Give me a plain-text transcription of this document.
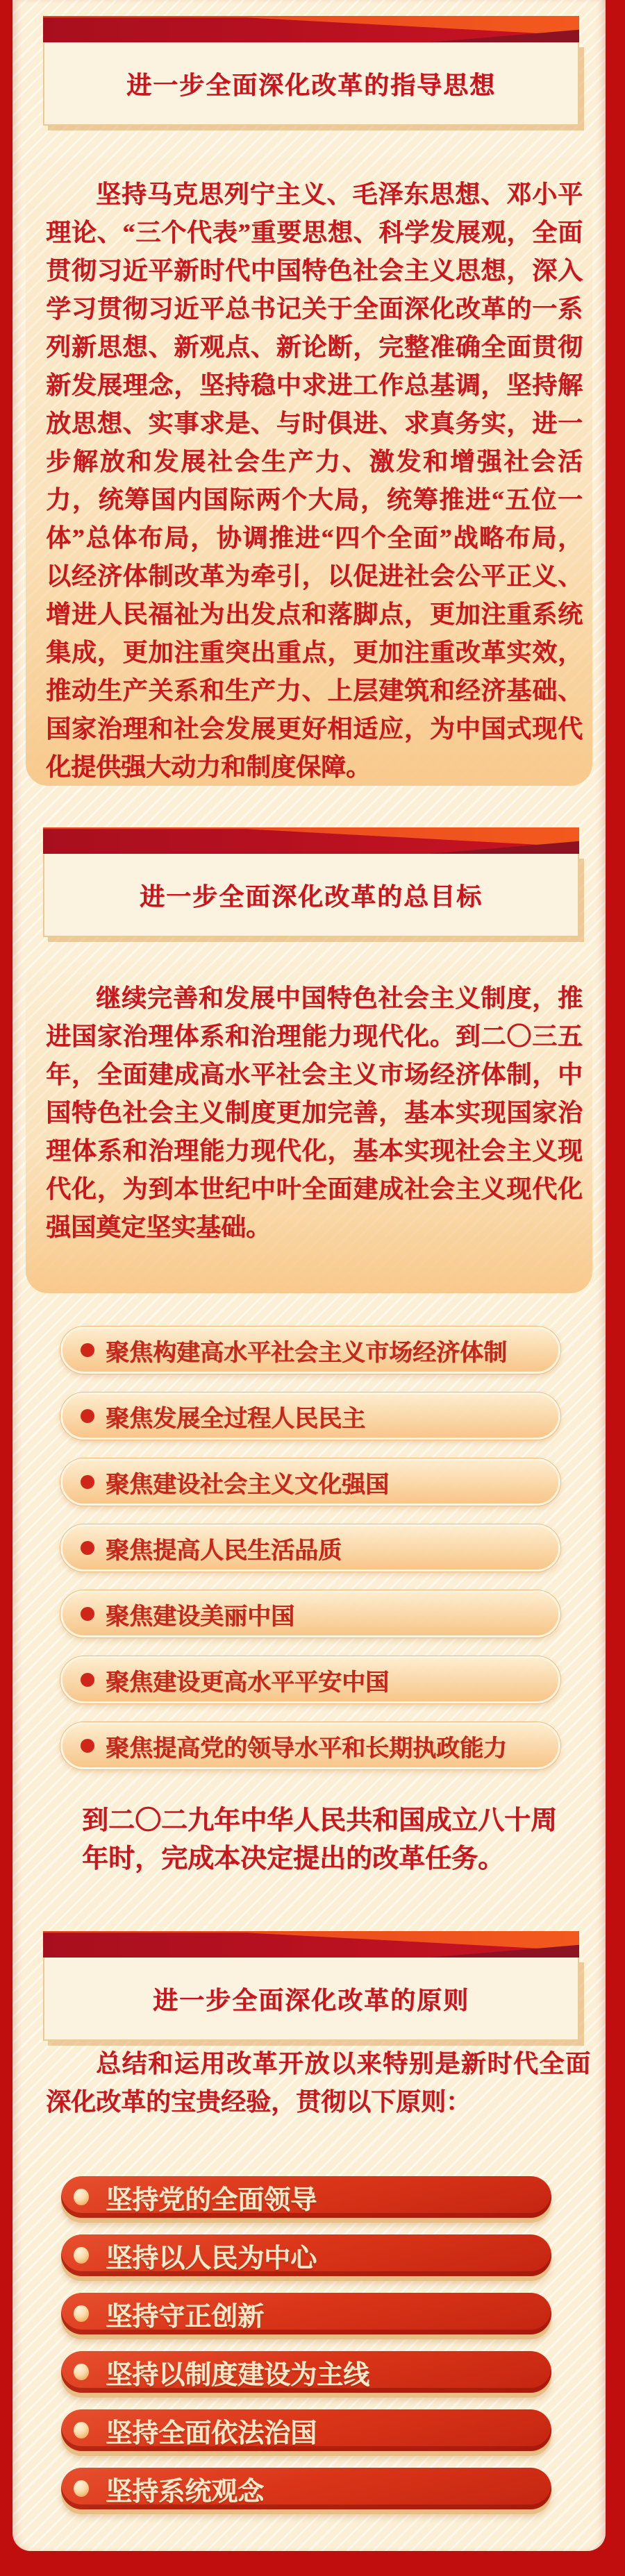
进一步全面深化改革的指导思想

坚持马克思列宁主义、毛泽东思想、邓小平理论、“三个代表”重要思想、科学发展观，全面贯彻习近平新时代中国特色社会主义思想，深入学习贯彻习近平总书记关于全面深化改革的一系列新思想、新观点、新论断，完整准确全面贯彻新发展理念，坚持稳中求进工作总基调，坚持解放思想、实事求是、与时俱进、求真务实，进一步解放和发展社会生产力、激发和增强社会活力，统筹国内国际两个大局，统筹推进“五位一体”总体布局，协调推进“四个全面”战略布局，以经济体制改革为牵引，以促进社会公平正义、增进人民福祉为出发点和落脚点，更加注重系统集成，更加注重突出重点，更加注重改革实效，推动生产关系和生产力、上层建筑和经济基础、国家治理和社会发展更好相适应，为中国式现代化提供强大动力和制度保障。

进一步全面深化改革的总目标

继续完善和发展中国特色社会主义制度，推进国家治理体系和治理能力现代化。到二〇三五年，全面建成高水平社会主义市场经济体制，中国特色社会主义制度更加完善，基本实现国家治理体系和治理能力现代化，基本实现社会主义现代化，为到本世纪中叶全面建成社会主义现代化强国奠定坚实基础。

聚焦构建高水平社会主义市场经济体制
聚焦发展全过程人民民主
聚焦建设社会主义文化强国
聚焦提高人民生活品质
聚焦建设美丽中国
聚焦建设更高水平平安中国
聚焦提高党的领导水平和长期执政能力

到二〇二九年中华人民共和国成立八十周年时，完成本决定提出的改革任务。

进一步全面深化改革的原则

总结和运用改革开放以来特别是新时代全面深化改革的宝贵经验，贯彻以下原则：

坚持党的全面领导
坚持以人民为中心
坚持守正创新
坚持以制度建设为主线
坚持全面依法治国
坚持系统观念
